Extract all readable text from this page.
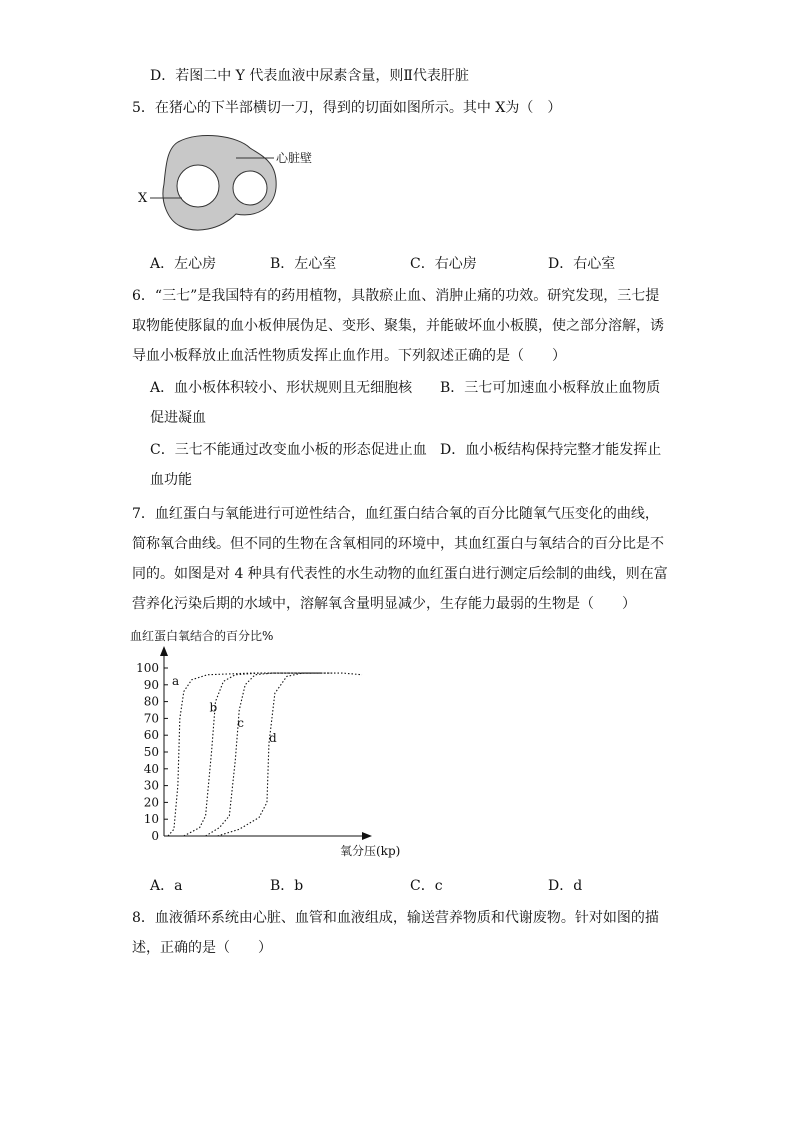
D．若图二中 Y 代表血液中尿素含量，则Ⅱ代表肝脏
5．在猪心的下半部横切一刀，得到的切面如图所示。其中 X为（　）
心脏壁
X
A．左心房	B．左心室	C．右心房	D．右心室
6．“三七”是我国特有的药用植物，具散瘀止血、消肿止痛的功效。研究发现，三七提
取物能使豚鼠的血小板伸展伪足、变形、聚集，并能破坏血小板膜，使之部分溶解，诱
导血小板释放止血活性物质发挥止血作用。下列叙述正确的是（　　）
A．血小板体积较小、形状规则且无细胞核 B．三七可加速血小板释放止血物质
促进凝血
C．三七不能通过改变血小板的形态促进止血 D．血小板结构保持完整才能发挥止
血功能
7．血红蛋白与氧能进行可逆性结合，血红蛋白结合氧的百分比随氧气压变化的曲线，
简称氧合曲线。但不同的生物在含氧相同的环境中，其血红蛋白与氧结合的百分比是不
同的。如图是对 4 种具有代表性的水生动物的血红蛋白进行测定后绘制的曲线，则在富
营养化污染后期的水域中，溶解氧含量明显减少，生存能力最弱的生物是（　　）
血红蛋白氧结合的百分比%
0
10
20
30
40
50
60
70
80
90
100
氧分压(kp)
a
b
c
d
A．a	B．b	C．c	D．d
8．血液循环系统由心脏、血管和血液组成，输送营养物质和代谢废物。针对如图的描
述，正确的是（　　）
